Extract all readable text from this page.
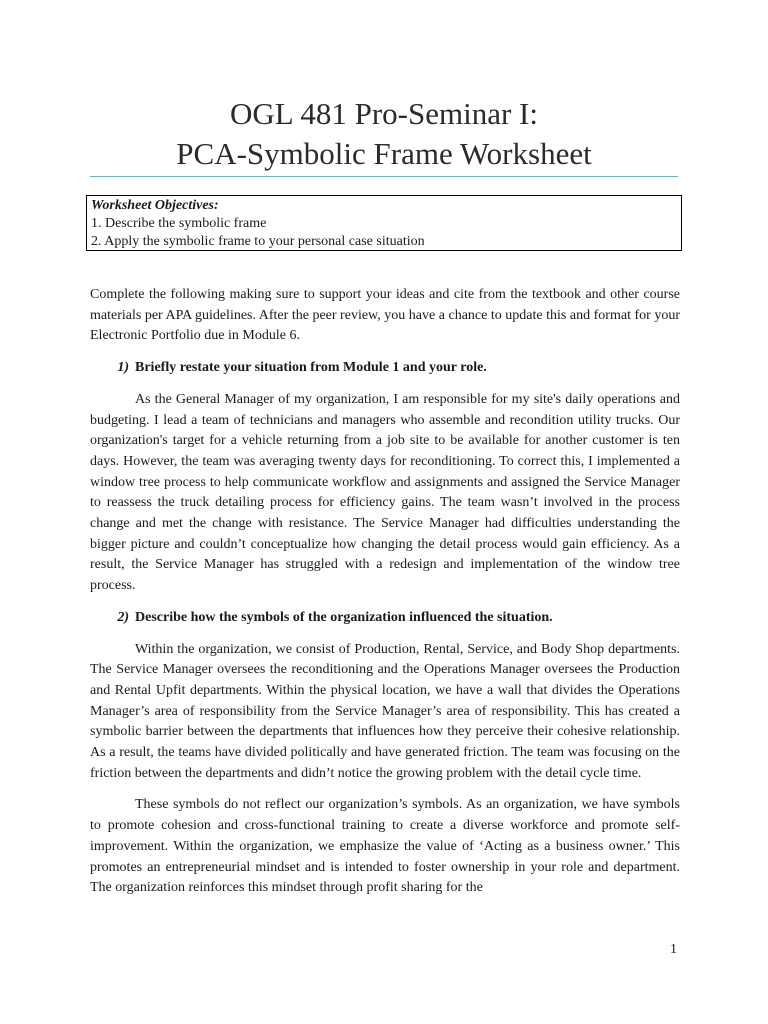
OGL 481 Pro-Seminar I:
PCA-Symbolic Frame Worksheet
Worksheet Objectives:
1. Describe the symbolic frame
2. Apply the symbolic frame to your personal case situation

Complete the following making sure to support your ideas and cite from the textbook and other course materials per APA guidelines. After the peer review, you have a chance to update this and format for your Electronic Portfolio due in Module 6.

1) Briefly restate your situation from Module 1 and your role.

As the General Manager of my organization, I am responsible for my site's daily operations and budgeting. I lead a team of technicians and managers who assemble and recondition utility trucks. Our organization's target for a vehicle returning from a job site to be available for another customer is ten days. However, the team was averaging twenty days for reconditioning. To correct this, I implemented a window tree process to help communicate workflow and assignments and assigned the Service Manager to reassess the truck detailing process for efficiency gains. The team wasn’t involved in the process change and met the change with resistance. The Service Manager had difficulties understanding the bigger picture and couldn’t conceptualize how changing the detail process would gain efficiency. As a result, the Service Manager has struggled with a redesign and implementation of the window tree process.

2) Describe how the symbols of the organization influenced the situation.

Within the organization, we consist of Production, Rental, Service, and Body Shop departments. The Service Manager oversees the reconditioning and the Operations Manager oversees the Production and Rental Upfit departments. Within the physical location, we have a wall that divides the Operations Manager’s area of responsibility from the Service Manager’s area of responsibility. This has created a symbolic barrier between the departments that influences how they perceive their cohesive relationship. As a result, the teams have divided politically and have generated friction. The team was focusing on the friction between the departments and didn’t notice the growing problem with the detail cycle time.

These symbols do not reflect our organization’s symbols. As an organization, we have symbols to promote cohesion and cross-functional training to create a diverse workforce and promote self-improvement. Within the organization, we emphasize the value of ‘Acting as a business owner.’ This promotes an entrepreneurial mindset and is intended to foster ownership in your role and department. The organization reinforces this mindset through profit sharing for the

1
